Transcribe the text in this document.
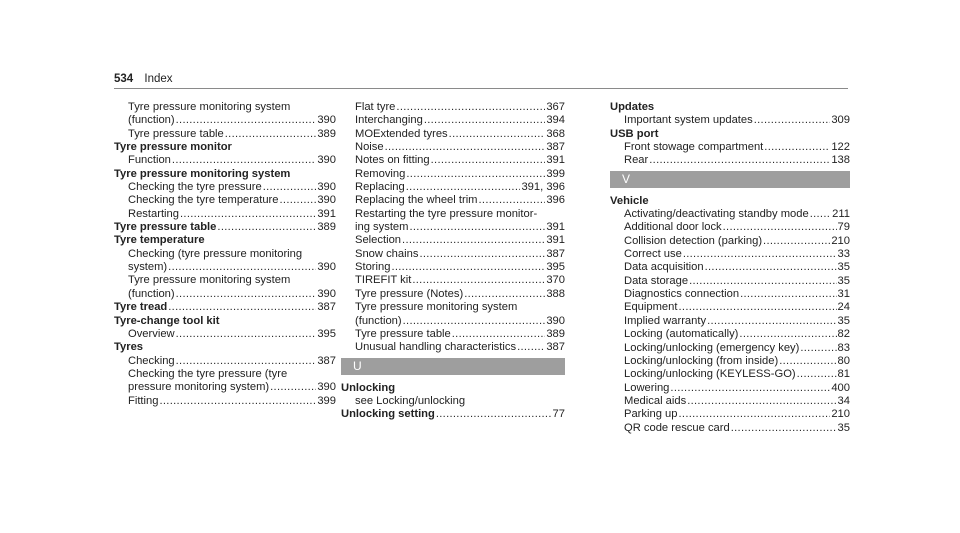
534 Index
Tyre pressure monitoring system
(function) .....	390
Tyre pressure table .....	389
Tyre pressure monitor
Function .....	390
Tyre pressure monitoring system
Checking the tyre pressure .....	390
Checking the tyre temperature .....	390
Restarting .....	391
Tyre pressure table .....	389
Tyre temperature
Checking (tyre pressure monitoring
system) .....	390
Tyre pressure monitoring system
(function) .....	390
Tyre tread .....	387
Tyre-change tool kit
Overview .....	395
Tyres
Checking .....	387
Checking the tyre pressure (tyre
pressure monitoring system) .....	390
Fitting .....	399
Flat tyre .....	367
Interchanging .....	394
MOExtended tyres .....	368
Noise .....	387
Notes on fitting .....	391
Removing .....	399
Replacing .....	391, 396
Replacing the wheel trim .....	396
Restarting the tyre pressure monitor-
ing system .....	391
Selection .....	391
Snow chains .....	387
Storing .....	395
TIREFIT kit .....	370
Tyre pressure (Notes) .....	388
Tyre pressure monitoring system
(function) .....	390
Tyre pressure table .....	389
Unusual handling characteristics .....	387
U
Unlocking
see Locking/unlocking
Unlocking setting .....	77
Updates
Important system updates .....	309
USB port
Front stowage compartment .....	122
Rear .....	138
V
Vehicle
Activating/deactivating standby mode ..... 211
Additional door lock .....	79
Collision detection (parking) .....	210
Correct use .....	33
Data acquisition .....	35
Data storage .....	35
Diagnostics connection .....	31
Equipment .....	24
Implied warranty .....	35
Locking (automatically) .....	82
Locking/unlocking (emergency key) .....	83
Locking/unlocking (from inside) .....	80
Locking/unlocking (KEYLESS-GO) .....	81
Lowering .....	400
Medical aids .....	34
Parking up .....	210
QR code rescue card .....	35
